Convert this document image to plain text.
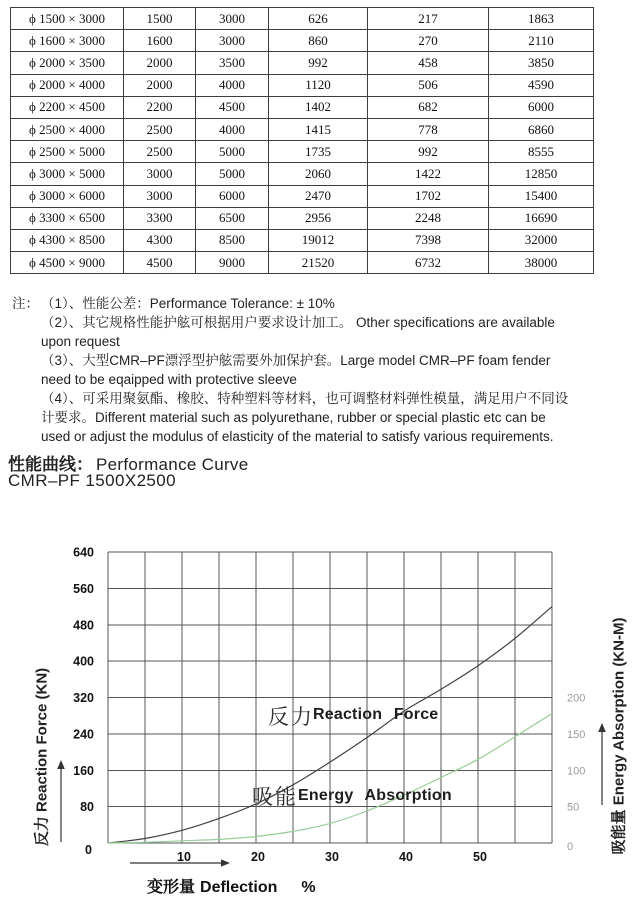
ϕ 1500 × 3000	1500	3000	626	217	1863
ϕ 1600 × 3000	1600	3000	860	270	2110
ϕ 2000 × 3500	2000	3500	992	458	3850
ϕ 2000 × 4000	2000	4000	1120	506	4590
ϕ 2200 × 4500	2200	4500	1402	682	6000
ϕ 2500 × 4000	2500	4000	1415	778	6860
ϕ 2500 × 5000	2500	5000	1735	992	8555
ϕ 3000 × 5000	3000	5000	2060	1422	12850
ϕ 3000 × 6000	3000	6000	2470	1702	15400
ϕ 3300 × 6500	3300	6500	2956	2248	16690
ϕ 4300 × 8500	4300	8500	19012	7398	32000
ϕ 4500 × 9000	4500	9000	21520	6732	38000
注： （1）、性能公差：Performance Tolerance: ± 10%
（2）、其它规格性能护舷可根据用户要求设计加工。 Other specifications are available
upon request
（3）、大型CMR–PF漂浮型护舷需要外加保护套。Large model CMR–PF foam fender
need to be eqaipped with protective sleeve
（4）、可采用聚氨酯、橡胶、特种塑料等材料，也可调整材料弹性模量，满足用户不同设
计要求。Different material such as polyurethane, rubber or special plastic etc can be
used or adjust the modulus of elasticity of the material to satisfy various requirements.
性能曲线： Performance Curve
CMR–PF 1500X2500
80
160
240
320
400
480
560
640
0	10	20	30	40	50
0
50
100
150
200
反力 Reaction Force (KN)	吸能量 Energy Absorption (KN-M)
反力 Reaction Force
吸能 Energy Absorption
变形量 Deflection %
